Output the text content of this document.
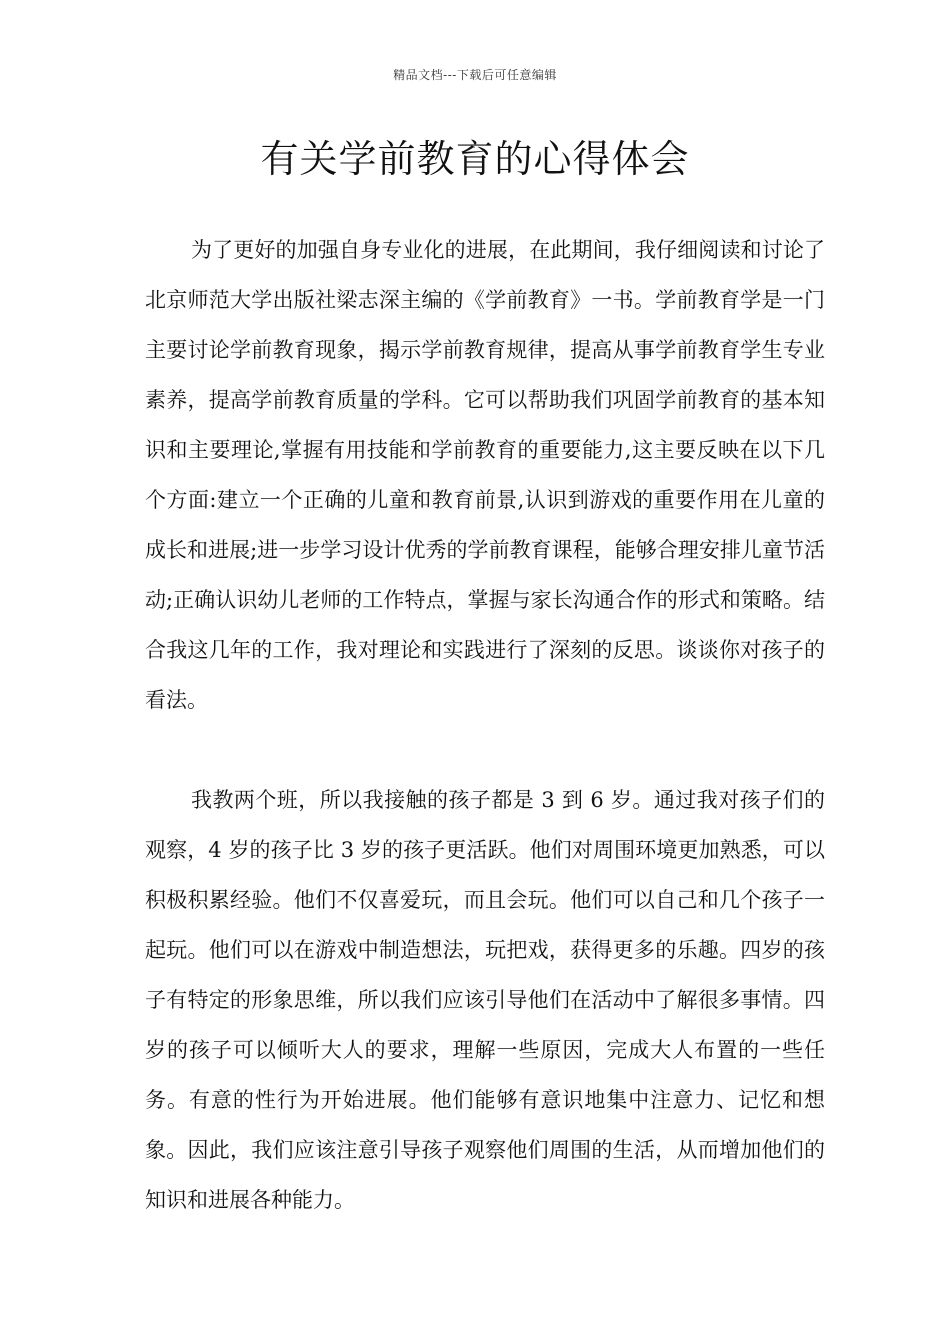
精品文档---下载后可任意编辑
有关学前教育的心得体会

为了更好的加强自身专业化的进展，在此期间，我仔细阅读和讨论了北京师范大学出版社梁志深主编的《学前教育》一书。学前教育学是一门主要讨论学前教育现象，揭示学前教育规律，提高从事学前教育学生专业素养，提高学前教育质量的学科。它可以帮助我们巩固学前教育的基本知识和主要理论,掌握有用技能和学前教育的重要能力,这主要反映在以下几个方面:建立一个正确的儿童和教育前景,认识到游戏的重要作用在儿童的成长和进展;进一步学习设计优秀的学前教育课程，能够合理安排儿童节活动;正确认识幼儿老师的工作特点，掌握与家长沟通合作的形式和策略。结合我这几年的工作，我对理论和实践进行了深刻的反思。谈谈你对孩子的看法。

我教两个班，所以我接触的孩子都是 3 到 6 岁。通过我对孩子们的观察，4 岁的孩子比 3 岁的孩子更活跃。他们对周围环境更加熟悉，可以积极积累经验。他们不仅喜爱玩，而且会玩。他们可以自己和几个孩子一起玩。他们可以在游戏中制造想法，玩把戏，获得更多的乐趣。四岁的孩子有特定的形象思维，所以我们应该引导他们在活动中了解很多事情。四岁的孩子可以倾听大人的要求，理解一些原因，完成大人布置的一些任务。有意的性行为开始进展。他们能够有意识地集中注意力、记忆和想象。因此，我们应该注意引导孩子观察他们周围的生活，从而增加他们的知识和进展各种能力。
